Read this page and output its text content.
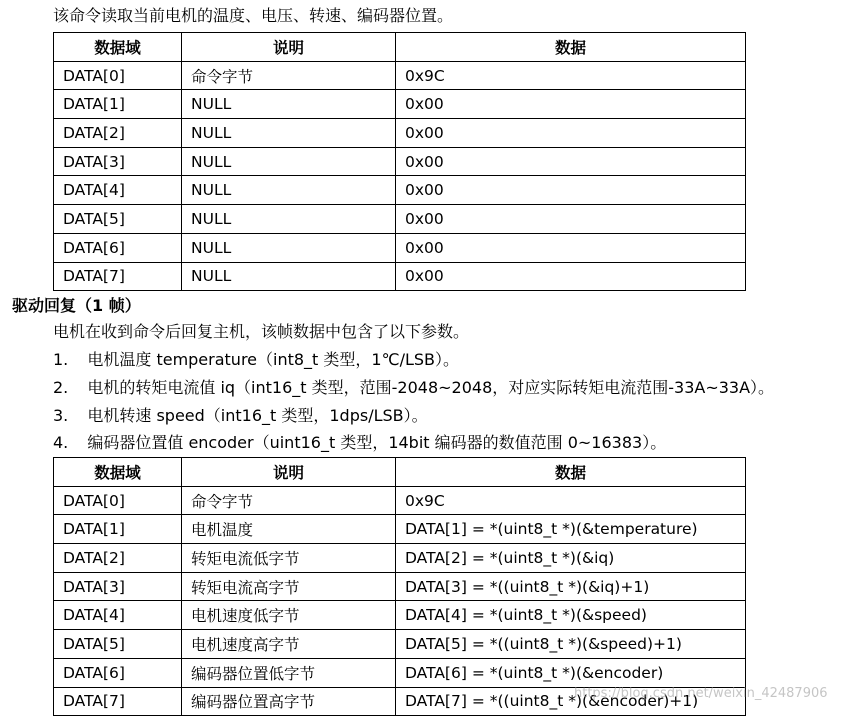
该命令读取当前电机的温度、电压、转速、编码器位置。
数据域	说明	数据
DATA[0]	命令字节	0x9C
DATA[1]	NULL	0x00
DATA[2]	NULL	0x00
DATA[3]	NULL	0x00
DATA[4]	NULL	0x00
DATA[5]	NULL	0x00
DATA[6]	NULL	0x00
DATA[7]	NULL	0x00
驱动回复（1 帧）
电机在收到命令后回复主机，该帧数据中包含了以下参数。
1. 电机温度 temperature（int8_t 类型，1℃/LSB）。
2. 电机的转矩电流值 iq（int16_t 类型，范围-2048~2048，对应实际转矩电流范围-33A~33A）。
3. 电机转速 speed（int16_t 类型，1dps/LSB）。
4. 编码器位置值 encoder（uint16_t 类型，14bit 编码器的数值范围 0~16383）。
数据域	说明	数据
DATA[0]	命令字节	0x9C
DATA[1]	电机温度	DATA[1] = *(uint8_t *)(&temperature)
DATA[2]	转矩电流低字节	DATA[2] = *(uint8_t *)(&iq)
DATA[3]	转矩电流高字节	DATA[3] = *((uint8_t *)(&iq)+1)
DATA[4]	电机速度低字节	DATA[4] = *(uint8_t *)(&speed)
DATA[5]	电机速度高字节	DATA[5] = *((uint8_t *)(&speed)+1)
DATA[6]	编码器位置低字节	DATA[6] = *(uint8_t *)(&encoder)
DATA[7]	编码器位置高字节	DATA[7] = *((uint8_t *)(&encoder)+1)
https://blog.csdn.net/weixin_42487906
